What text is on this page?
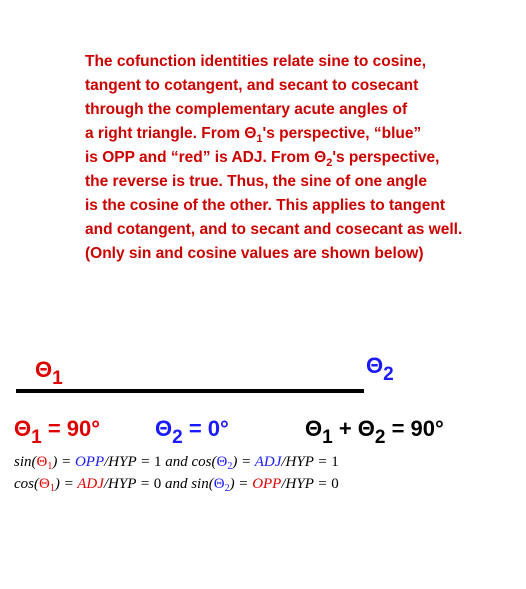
The cofunction identities relate sine to cosine,
tangent to cotangent, and secant to cosecant
through the complementary acute angles of
a right triangle. From $\Theta_1's$ perspective, “blue”
is OPP and “red” is ADJ. From $\Theta_2's$ perspective,
the reverse is true. Thus, the sine of one angle
is the cosine of the other. This applies to tangent
and cotangent, and to secant and cosecant as well.
(Only sin and cosine values are shown below)
$\Theta_1$
$\Theta_2$
$\Theta_1 = 90^\circ$ $\Theta_2 = 0^\circ$	$\Theta_1 + \Theta_2 = 90^\circ$
$\sin(\Theta_1) = OPP/HYP = 1$ and $\cos(\Theta_2) = ADJ/HYP = 1$
$\cos(\Theta_1) = ADJ/HYP = 0$ and $\sin(\Theta_2) = OPP/HYP = 0$
